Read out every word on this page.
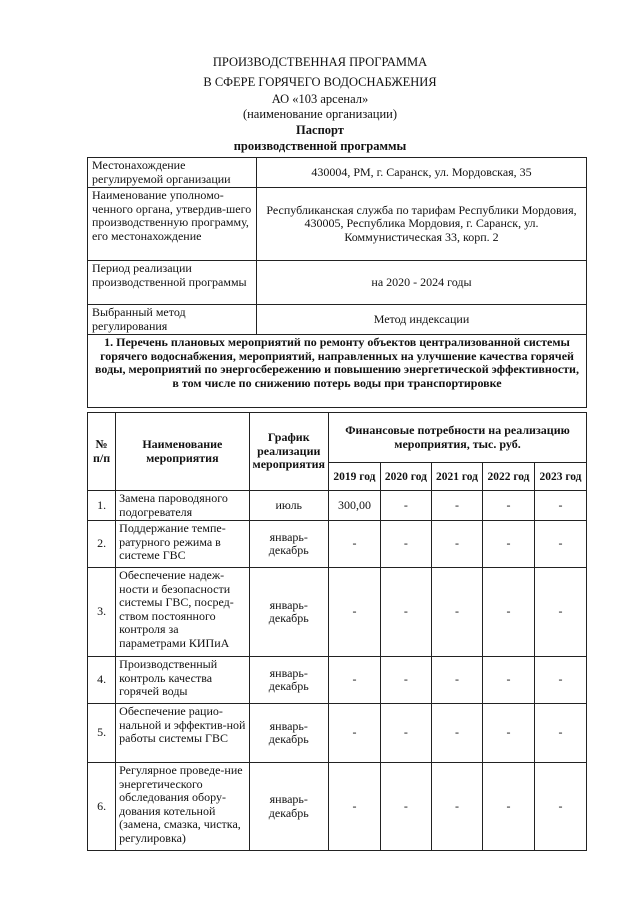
ПРОИЗВОДСТВЕННАЯ ПРОГРАММА
В СФЕРЕ ГОРЯЧЕГО ВОДОСНАБЖЕНИЯ
АО «103 арсенал»
(наименование организации)
Паспорт
производственной программы
Местонахождение регулируемой организации	430004, РМ, г. Саранск, ул. Мордовская, 35
Наименование уполномо-ченного органа, утвердив-шего производственную программу, его местонахождение	Республиканская служба по тарифам Республики Мордовия, 430005, Республика Мордовия, г. Саранск, ул. Коммунистическая 33, корп. 2
Период реализации производственной программы	на 2020 - 2024 годы
Выбранный метод регулирования	Метод индексации
1. Перечень плановых мероприятий по ремонту объектов централизованной системы горячего водоснабжения, мероприятий, направленных на улучшение качества горячей воды, мероприятий по энергосбережению и повышению энергетической эффективности, в том числе по снижению потерь воды при транспортировке	
№ п/п	Наименование мероприятия	График реализации мероприятия	Финансовые потребности на реализацию мероприятия, тыс. руб.				
			2019 год	2020 год	2021 год	2022 год	2023 год
1.	Замена пароводяного подогревателя	июль	300,00	-	-	-	-
2.	Поддержание темпе-ратурного режима в системе ГВС	январь-декабрь	-	-	-	-	-
3.	Обеспечение надеж-ности и безопасности системы ГВС, посред-ством постоянного контроля за параметрами КИПиА	январь-декабрь	-	-	-	-	-
4.	Производственный контроль качества горячей воды	январь-декабрь	-	-	-	-	-
5.	Обеспечение рацио-нальной и эффектив-ной работы системы ГВС	январь-декабрь	-	-	-	-	-
6.	Регулярное проведе-ние энергетического обследования обору-дования котельной (замена, смазка, чистка, регулировка)	январь-декабрь	-	-	-	-	-
